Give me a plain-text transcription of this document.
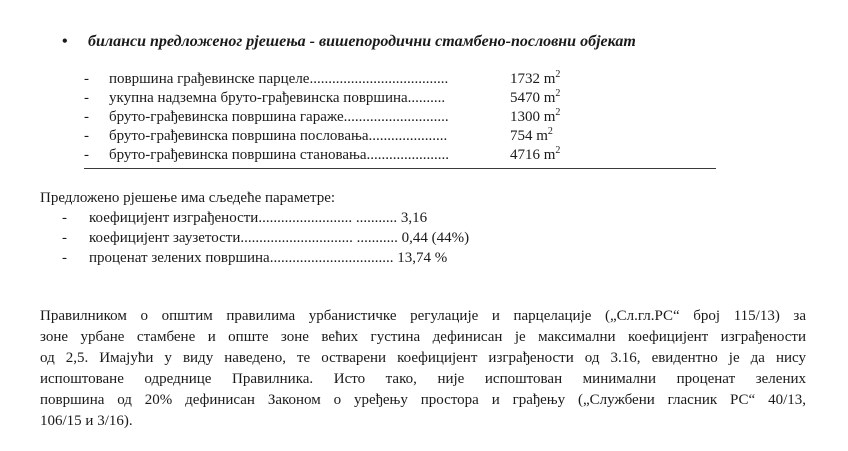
• биланси предложеног рјешења - вишепородични стамбено-пословни објекат
- површина грађевинске парцеле.....................................	1732 $m^2$
- укупна надземна бруто-грађевинска површина..........	5470 $m^2$
- бруто-грађевинска површина гараже............................	1300 $m^2$
- бруто-грађевинска површина пословања.....................	754 $m^2$
- бруто-грађевинска површина становања......................	4716 $m^2$
Предложено рјешење има сљедеће параметре:
- коефицијент изграђености......................... ........... 3,16
- коефицијент заузетости.............................. ........... 0,44 (44%)
- проценат зелених површина................................. 13,74 %
Правилником о општим правилима урбанистичке регулације и парцелације („Сл.гл.РС“ број 115/13) за
зоне урбане стамбене и опште зоне већих густина дефинисан је максимални коефицијент изграђености
од 2,5. Имајући у виду наведено, те остварени коефицијент изграђености од 3.16, евидентно је да нису
испоштоване одреднице Правилника. Исто тако, није испоштован минимални проценат зелених
површина од 20% дефинисан Законом о уређењу простора и грађењу („Службени гласник РС“ 40/13,
106/15 и 3/16).
